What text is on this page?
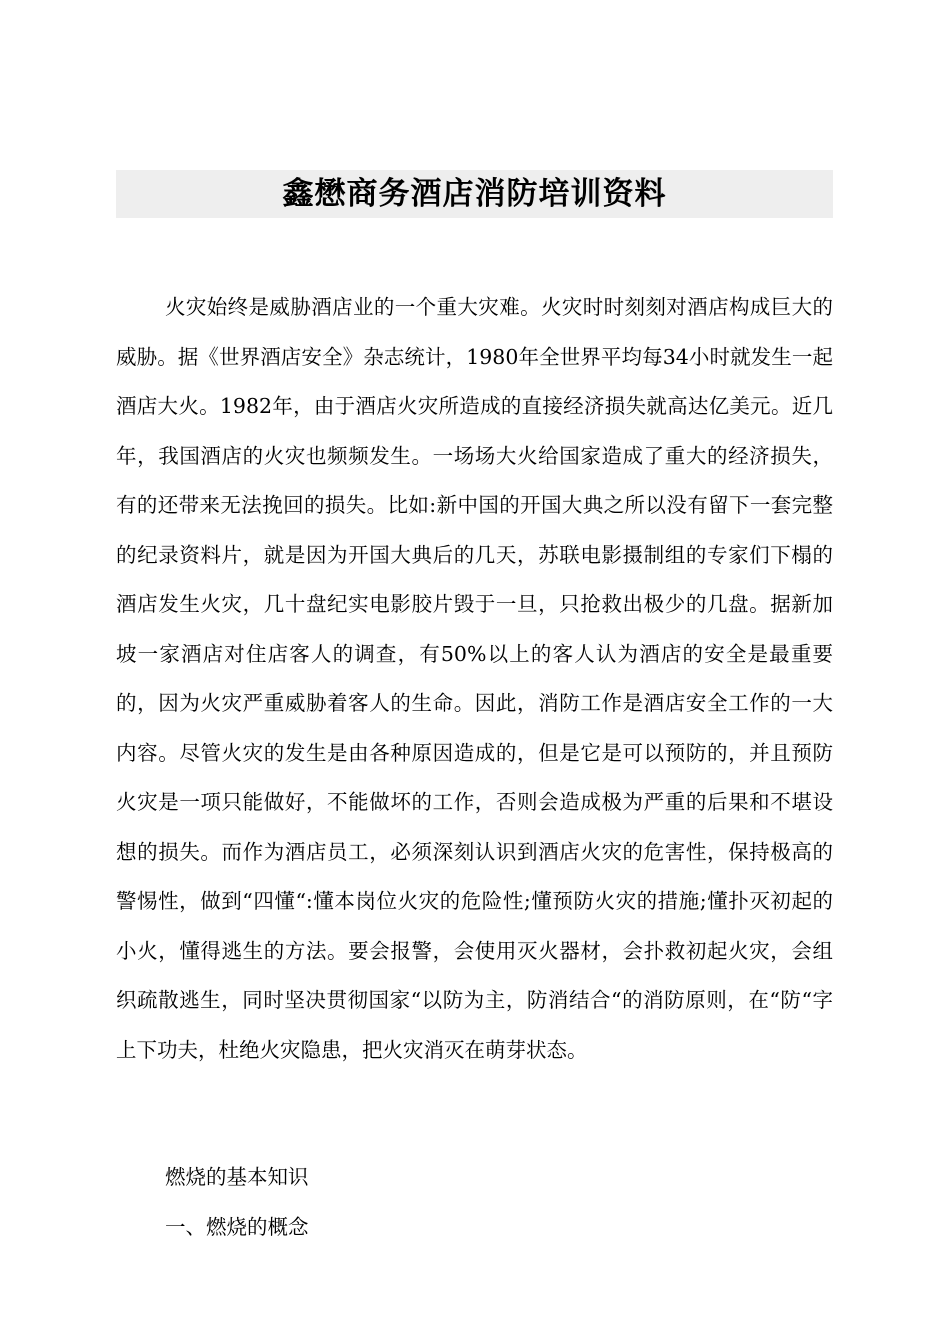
鑫懋商务酒店消防培训资料

火灾始终是威胁酒店业的一个重大灾难。火灾时时刻刻对酒店构成巨大的威胁。据《世界酒店安全》杂志统计，1980年全世界平均每34小时就发生一起酒店大火。1982年，由于酒店火灾所造成的直接经济损失就高达亿美元。近几年，我国酒店的火灾也频频发生。一场场大火给国家造成了重大的经济损失，有的还带来无法挽回的损失。比如:新中国的开国大典之所以没有留下一套完整的纪录资料片，就是因为开国大典后的几天，苏联电影摄制组的专家们下榻的酒店发生火灾，几十盘纪实电影胶片毁于一旦，只抢救出极少的几盘。据新加坡一家酒店对住店客人的调查，有50%以上的客人认为酒店的安全是最重要的，因为火灾严重威胁着客人的生命。因此，消防工作是酒店安全工作的一大内容。尽管火灾的发生是由各种原因造成的，但是它是可以预防的，并且预防火灾是一项只能做好，不能做坏的工作，否则会造成极为严重的后果和不堪设想的损失。而作为酒店员工，必须深刻认识到酒店火灾的危害性，保持极高的警惕性，做到“四懂“:懂本岗位火灾的危险性;懂预防火灾的措施;懂扑灭初起的小火，懂得逃生的方法。要会报警，会使用灭火器材，会扑救初起火灾，会组织疏散逃生，同时坚决贯彻国家“以防为主，防消结合“的消防原则，在“防“字上下功夫，杜绝火灾隐患，把火灾消灭在萌芽状态。

燃烧的基本知识

一、燃烧的概念
